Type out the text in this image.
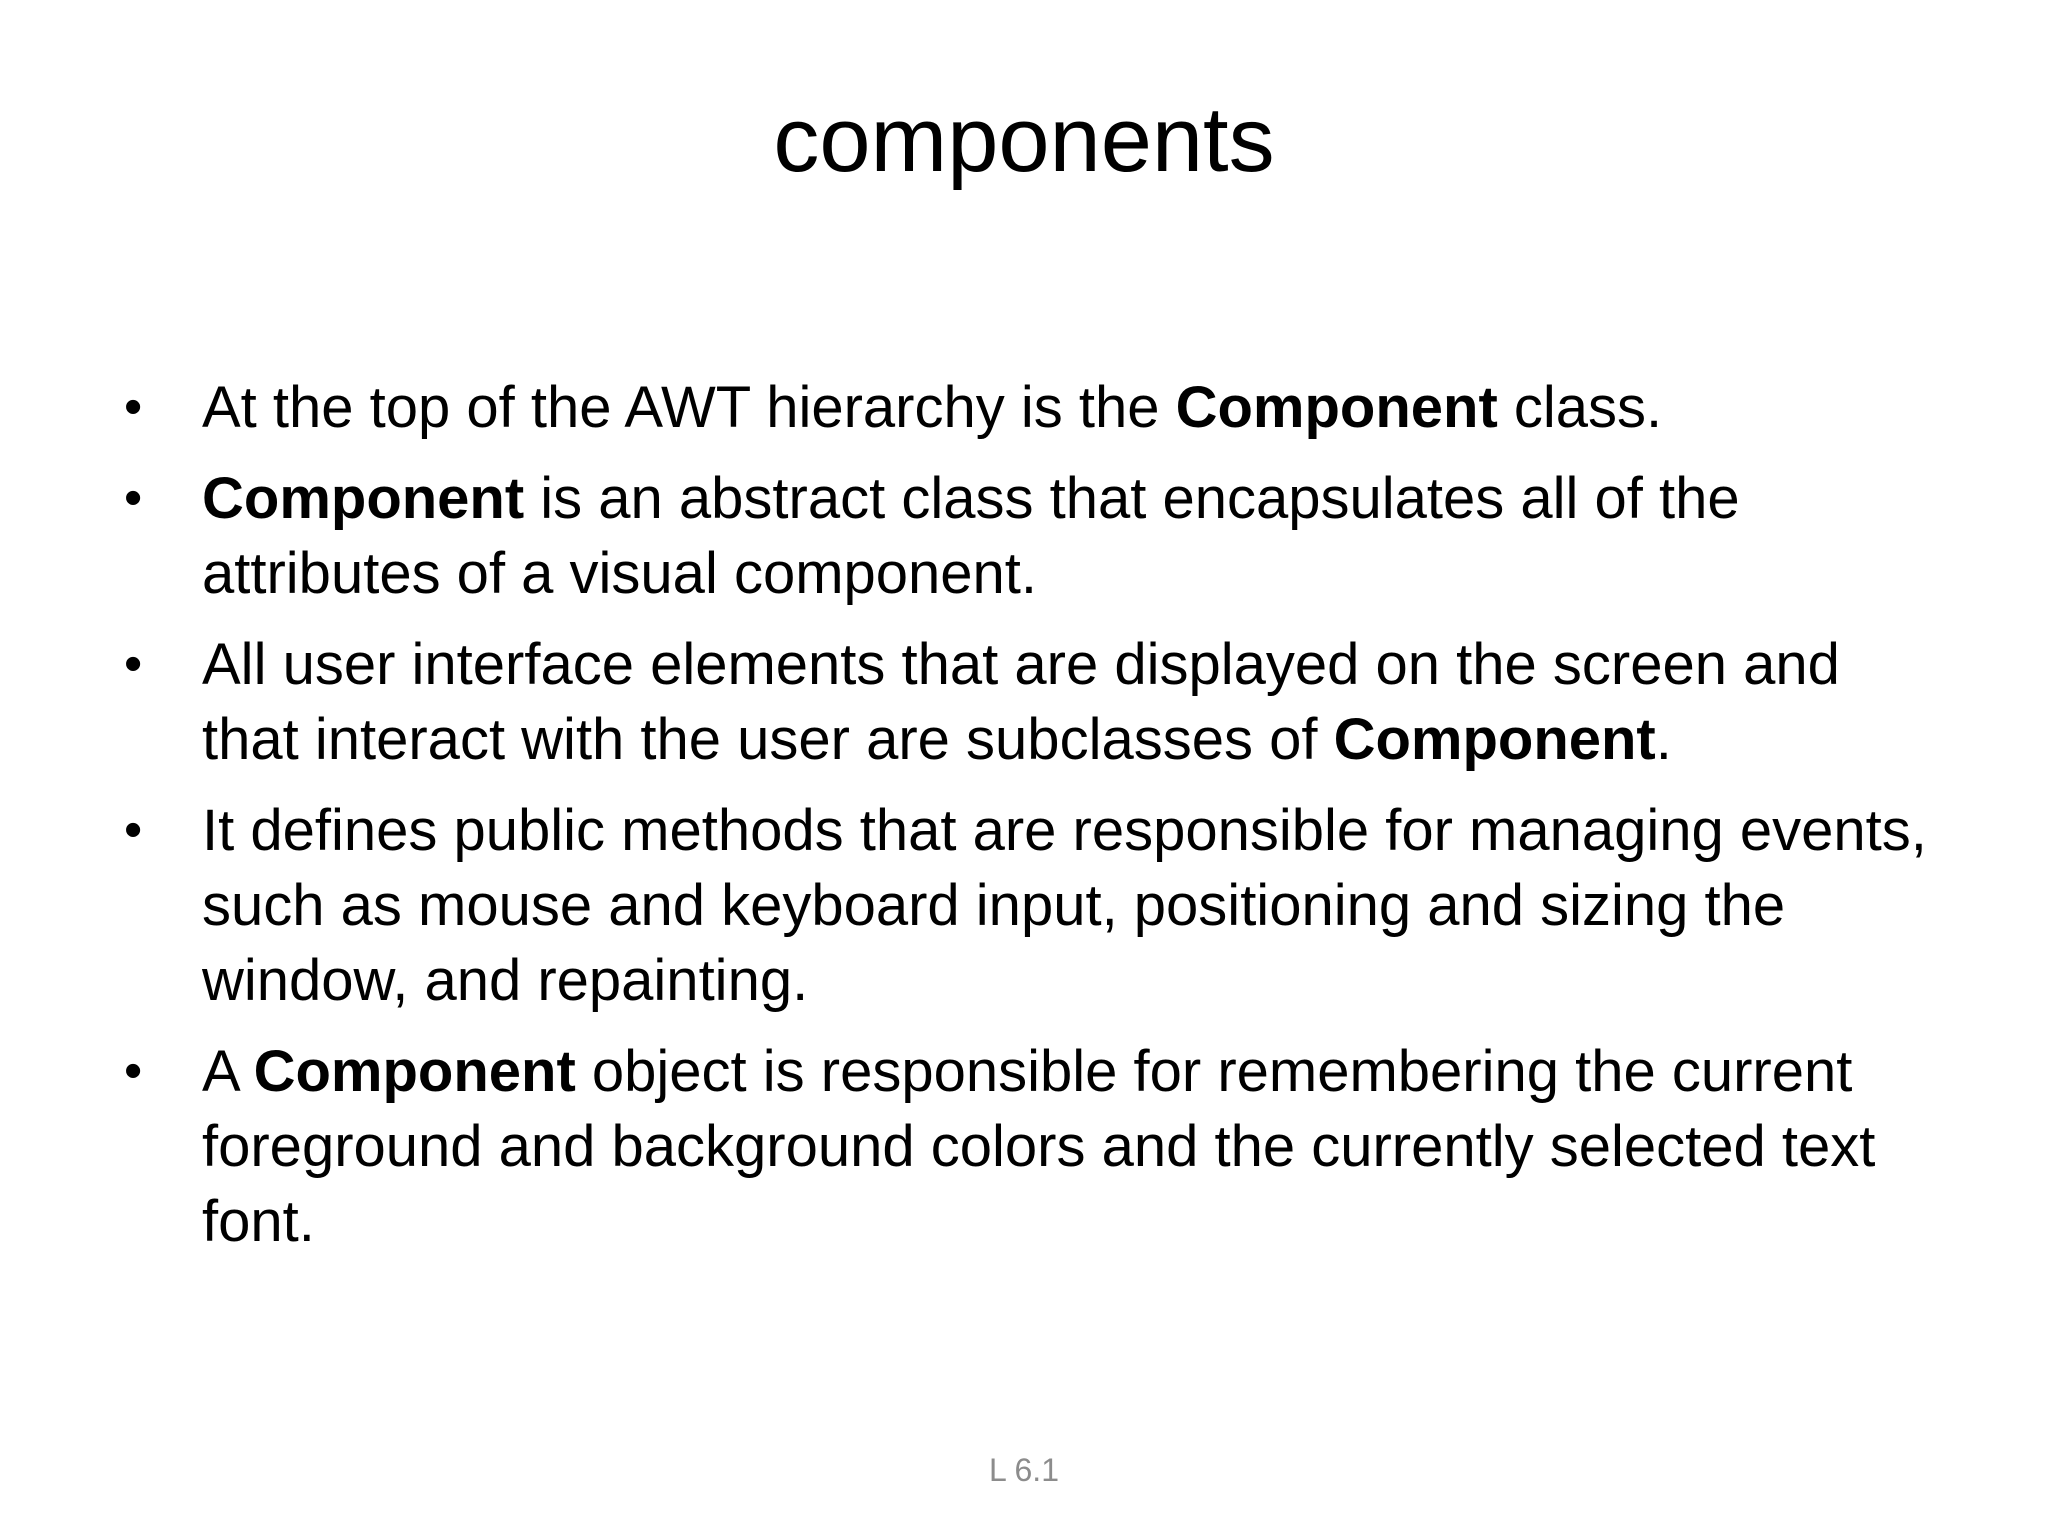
components
• At the top of the AWT hierarchy is the Component class.
• Component is an abstract class that encapsulates all of the attributes of a visual component.
• All user interface elements that are displayed on the screen and that interact with the user are subclasses of Component.
• It defines public methods that are responsible for managing events, such as mouse and keyboard input, positioning and sizing the window, and repainting.
• A Component object is responsible for remembering the current foreground and background colors and the currently selected text font.
L 6.1
